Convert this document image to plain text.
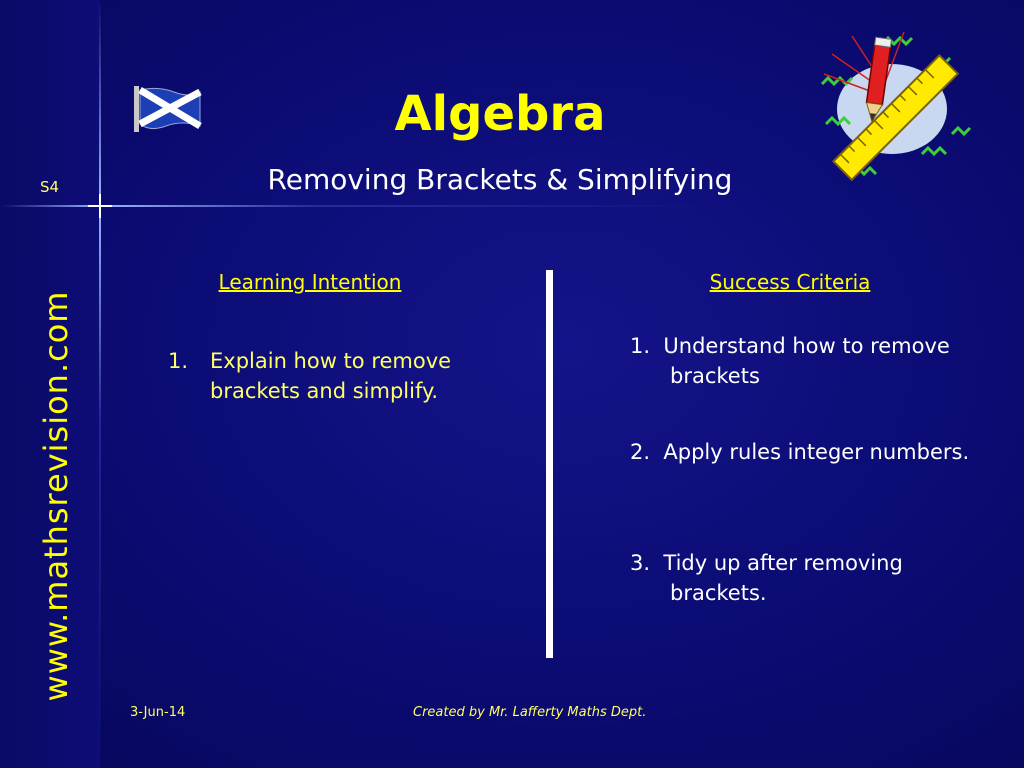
S4
www.mathsrevision.com
Algebra
Removing Brackets & Simplifying
Learning Intention	Success Criteria
1. Explain how to remove
brackets and simplify.
1. Understand how to remove
brackets
2. Apply rules integer numbers.
3. Tidy up after removing
brackets.
3-Jun-14	Created by Mr. Lafferty Maths Dept.
